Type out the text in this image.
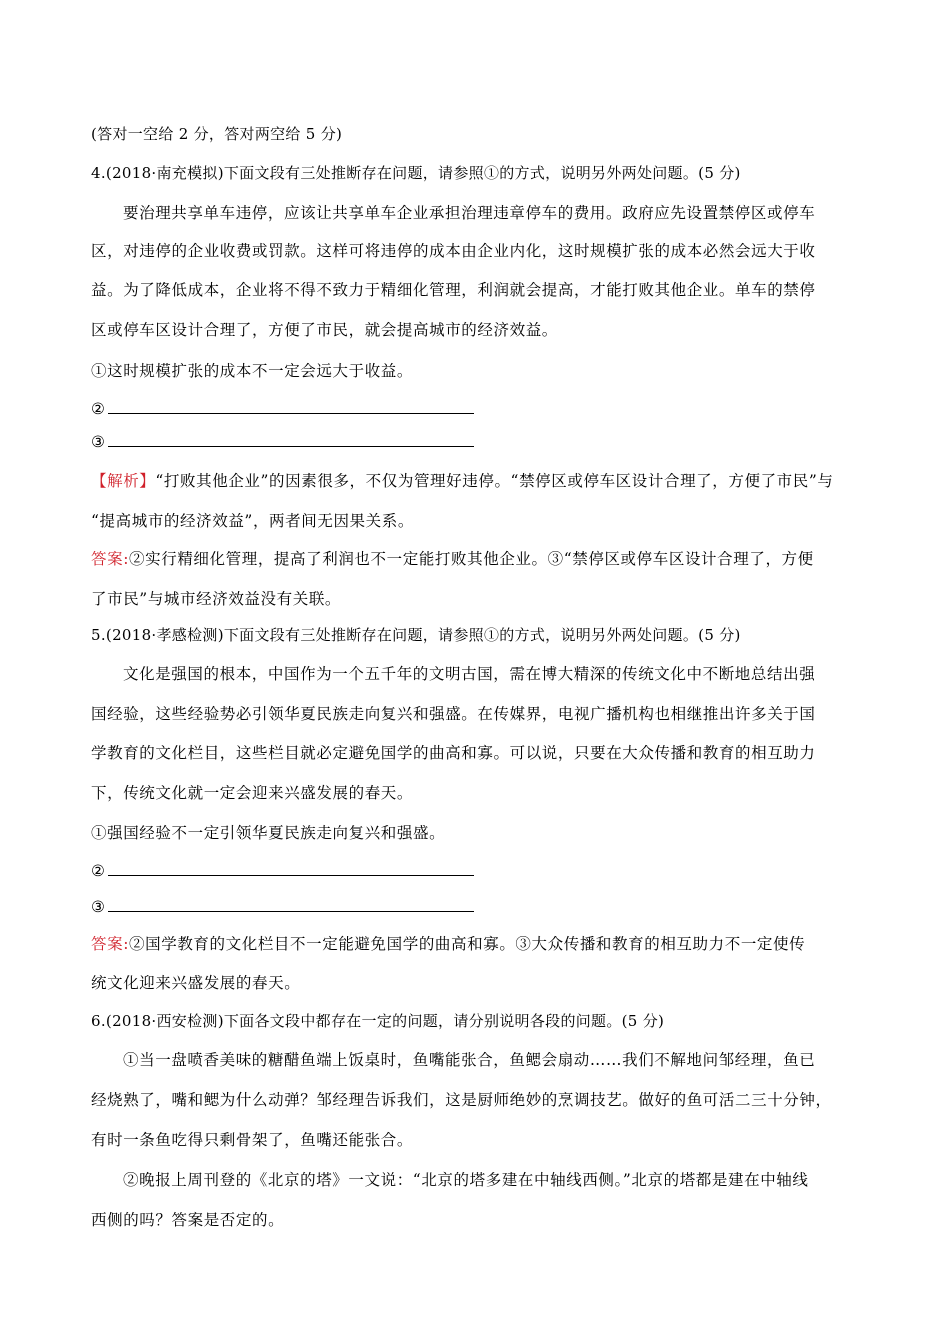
(答对一空给 2 分，答对两空给 5 分)
4.(2018·南充模拟)下面文段有三处推断存在问题，请参照①的方式，说明另外两处问题。(5 分)
要治理共享单车违停，应该让共享单车企业承担治理违章停车的费用。政府应先设置禁停区或停车
区，对违停的企业收费或罚款。这样可将违停的成本由企业内化，这时规模扩张的成本必然会远大于收
益。为了降低成本，企业将不得不致力于精细化管理，利润就会提高，才能打败其他企业。单车的禁停
区或停车区设计合理了，方便了市民，就会提高城市的经济效益。
①这时规模扩张的成本不一定会远大于收益。
②
③
【解析】“打败其他企业”的因素很多，不仅为管理好违停。“禁停区或停车区设计合理了，方便了市民”与
“提高城市的经济效益”，两者间无因果关系。
答案:②实行精细化管理，提高了利润也不一定能打败其他企业。③“禁停区或停车区设计合理了，方便
了市民”与城市经济效益没有关联。
5.(2018·孝感检测)下面文段有三处推断存在问题，请参照①的方式，说明另外两处问题。(5 分)
文化是强国的根本，中国作为一个五千年的文明古国，需在博大精深的传统文化中不断地总结出强
国经验，这些经验势必引领华夏民族走向复兴和强盛。在传媒界，电视广播机构也相继推出许多关于国
学教育的文化栏目，这些栏目就必定避免国学的曲高和寡。可以说，只要在大众传播和教育的相互助力
下，传统文化就一定会迎来兴盛发展的春天。
①强国经验不一定引领华夏民族走向复兴和强盛。
②
③
答案:②国学教育的文化栏目不一定能避免国学的曲高和寡。③大众传播和教育的相互助力不一定使传
统文化迎来兴盛发展的春天。
6.(2018·西安检测)下面各文段中都存在一定的问题，请分别说明各段的问题。(5 分)
①当一盘喷香美味的糖醋鱼端上饭桌时，鱼嘴能张合，鱼鳃会扇动……我们不解地问邹经理，鱼已
经烧熟了，嘴和鳃为什么动弹？邹经理告诉我们，这是厨师绝妙的烹调技艺。做好的鱼可活二三十分钟，
有时一条鱼吃得只剩骨架了，鱼嘴还能张合。
②晚报上周刊登的《北京的塔》一文说：“北京的塔多建在中轴线西侧。”北京的塔都是建在中轴线
西侧的吗？答案是否定的。
